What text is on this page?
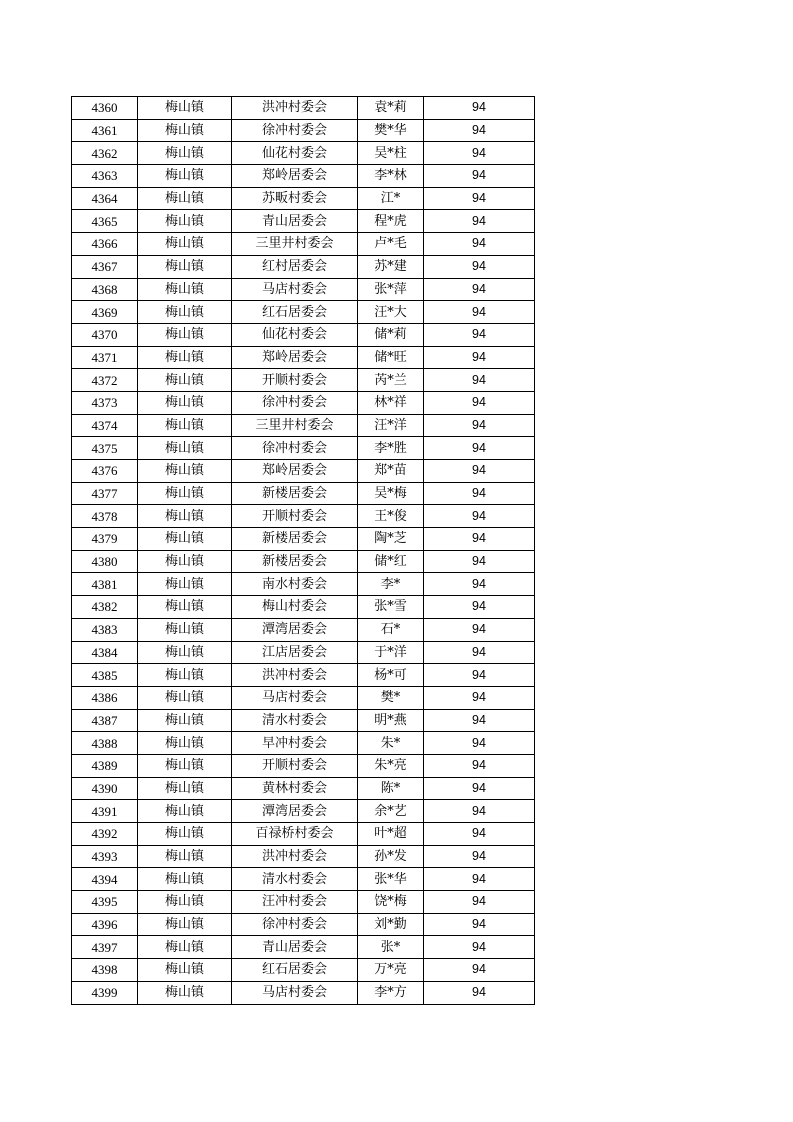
4360	梅山镇	洪冲村委会	袁*莉	94
4361	梅山镇	徐冲村委会	樊*华	94
4362	梅山镇	仙花村委会	吴*柱	94
4363	梅山镇	郑岭居委会	李*林	94
4364	梅山镇	苏畈村委会	江*	94
4365	梅山镇	青山居委会	程*虎	94
4366	梅山镇	三里井村委会	卢*毛	94
4367	梅山镇	红村居委会	苏*建	94
4368	梅山镇	马店村委会	张*萍	94
4369	梅山镇	红石居委会	汪*大	94
4370	梅山镇	仙花村委会	储*莉	94
4371	梅山镇	郑岭居委会	储*旺	94
4372	梅山镇	开顺村委会	芮*兰	94
4373	梅山镇	徐冲村委会	林*祥	94
4374	梅山镇	三里井村委会	汪*洋	94
4375	梅山镇	徐冲村委会	李*胜	94
4376	梅山镇	郑岭居委会	郑*苗	94
4377	梅山镇	新楼居委会	吴*梅	94
4378	梅山镇	开顺村委会	王*俊	94
4379	梅山镇	新楼居委会	陶*芝	94
4380	梅山镇	新楼居委会	储*红	94
4381	梅山镇	南水村委会	李*	94
4382	梅山镇	梅山村委会	张*雪	94
4383	梅山镇	潭湾居委会	石*	94
4384	梅山镇	江店居委会	于*洋	94
4385	梅山镇	洪冲村委会	杨*可	94
4386	梅山镇	马店村委会	樊*	94
4387	梅山镇	清水村委会	明*燕	94
4388	梅山镇	早冲村委会	朱*	94
4389	梅山镇	开顺村委会	朱*亮	94
4390	梅山镇	黄林村委会	陈*	94
4391	梅山镇	潭湾居委会	余*艺	94
4392	梅山镇	百禄桥村委会	叶*超	94
4393	梅山镇	洪冲村委会	孙*发	94
4394	梅山镇	清水村委会	张*华	94
4395	梅山镇	汪冲村委会	饶*梅	94
4396	梅山镇	徐冲村委会	刘*勤	94
4397	梅山镇	青山居委会	张*	94
4398	梅山镇	红石居委会	万*亮	94
4399	梅山镇	马店村委会	李*方	94
